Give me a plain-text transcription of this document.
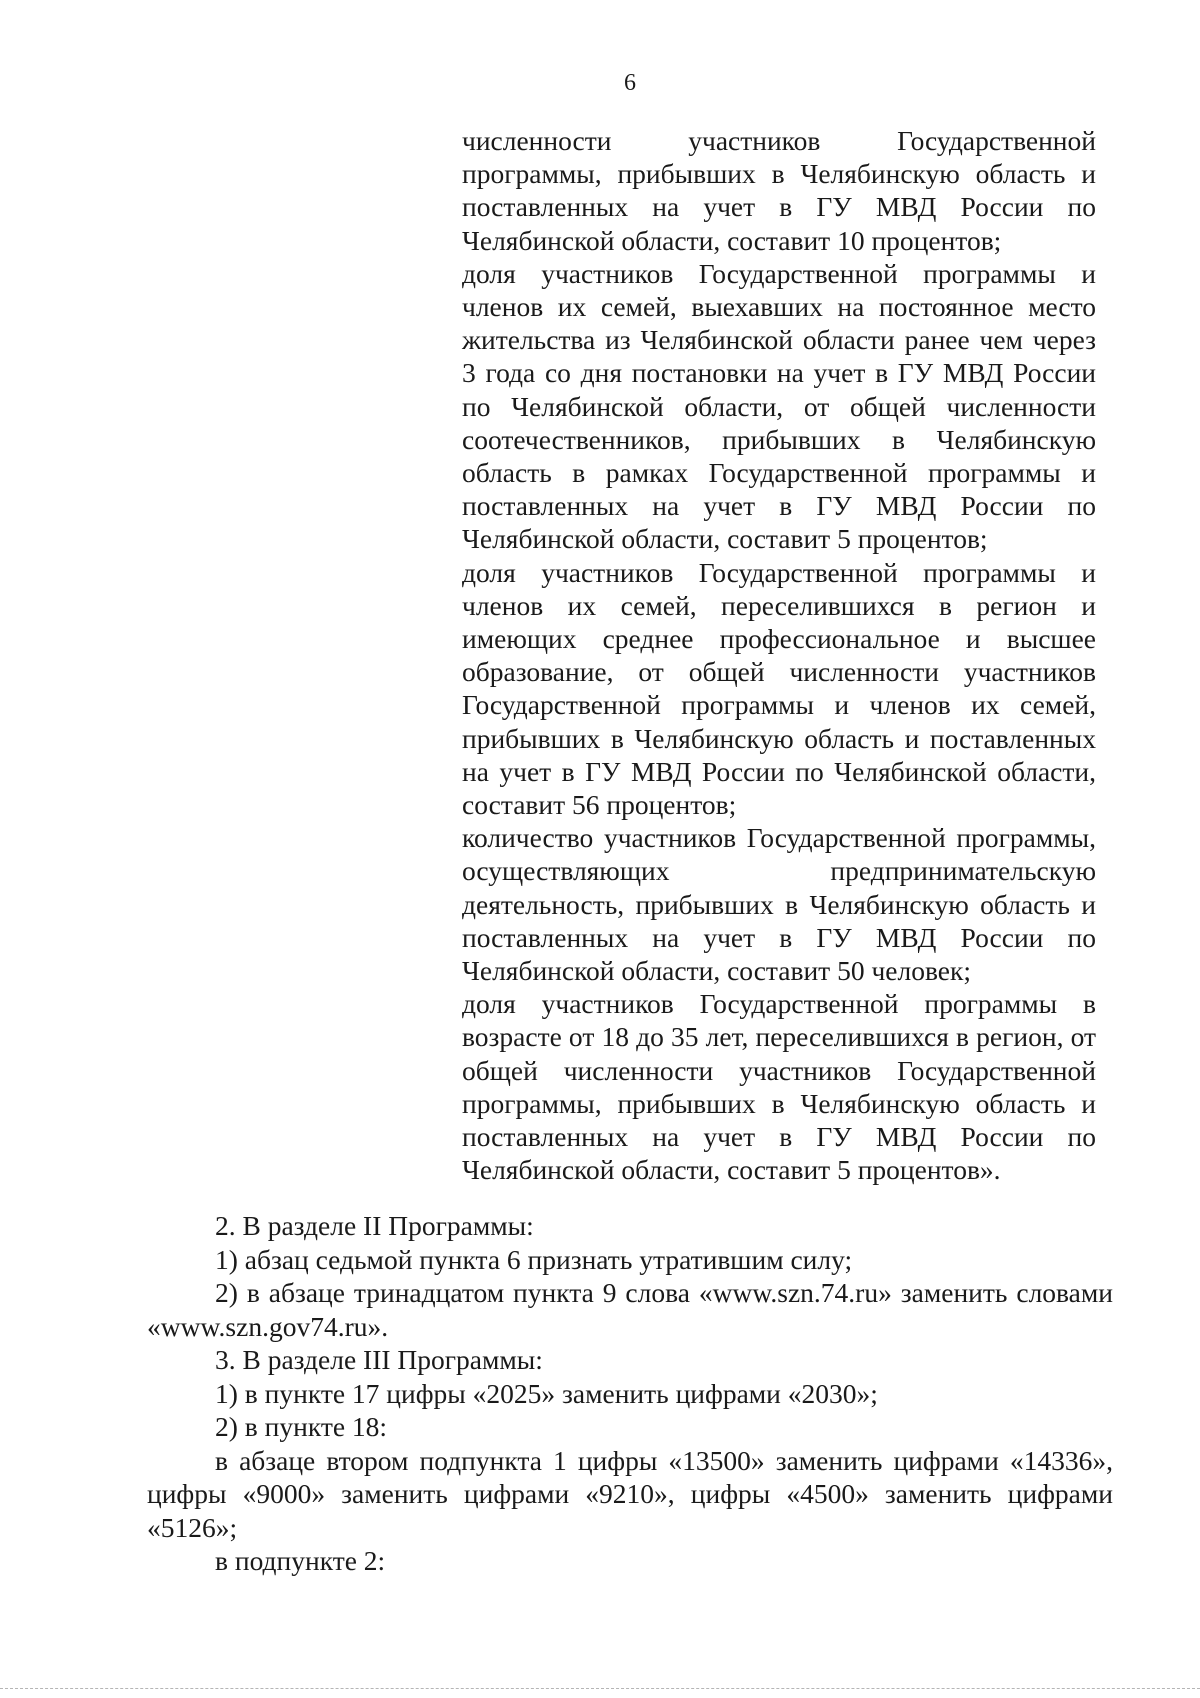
6

численности участников Государственной программы, прибывших в Челябинскую область и поставленных на учет в ГУ МВД России по Челябинской области, составит 10 процентов;

доля участников Государственной программы и членов их семей, выехавших на постоянное место жительства из Челябинской области ранее чем через 3 года со дня постановки на учет в ГУ МВД России по Челябинской области, от общей численности соотечественников, прибывших в Челябинскую область в рамках Государственной программы и поставленных на учет в ГУ МВД России по Челябинской области, составит 5 процентов;

доля участников Государственной программы и членов их семей, переселившихся в регион и имеющих среднее профессиональное и высшее образование, от общей численности участников Государственной программы и членов их семей, прибывших в Челябинскую область и поставленных на учет в ГУ МВД России по Челябинской области, составит 56 процентов;

количество участников Государственной программы, осуществляющих предпринимательскую деятельность, прибывших в Челябинскую область и поставленных на учет в ГУ МВД России по Челябинской области, составит 50 человек;

доля участников Государственной программы в возрасте от 18 до 35 лет, переселившихся в регион, от общей численности участников Государственной программы, прибывших в Челябинскую область и поставленных на учет в ГУ МВД России по Челябинской области, составит 5 процентов».

2. В разделе II Программы:

1) абзац седьмой пункта 6 признать утратившим силу;

2) в абзаце тринадцатом пункта 9 слова «www.szn.74.ru» заменить словами «www.szn.gov74.ru».

3. В разделе III Программы:

1) в пункте 17 цифры «2025» заменить цифрами «2030»;

2) в пункте 18:

в абзаце втором подпункта 1 цифры «13500» заменить цифрами «14336», цифры «9000» заменить цифрами «9210», цифры «4500» заменить цифрами «5126»;

в подпункте 2:
